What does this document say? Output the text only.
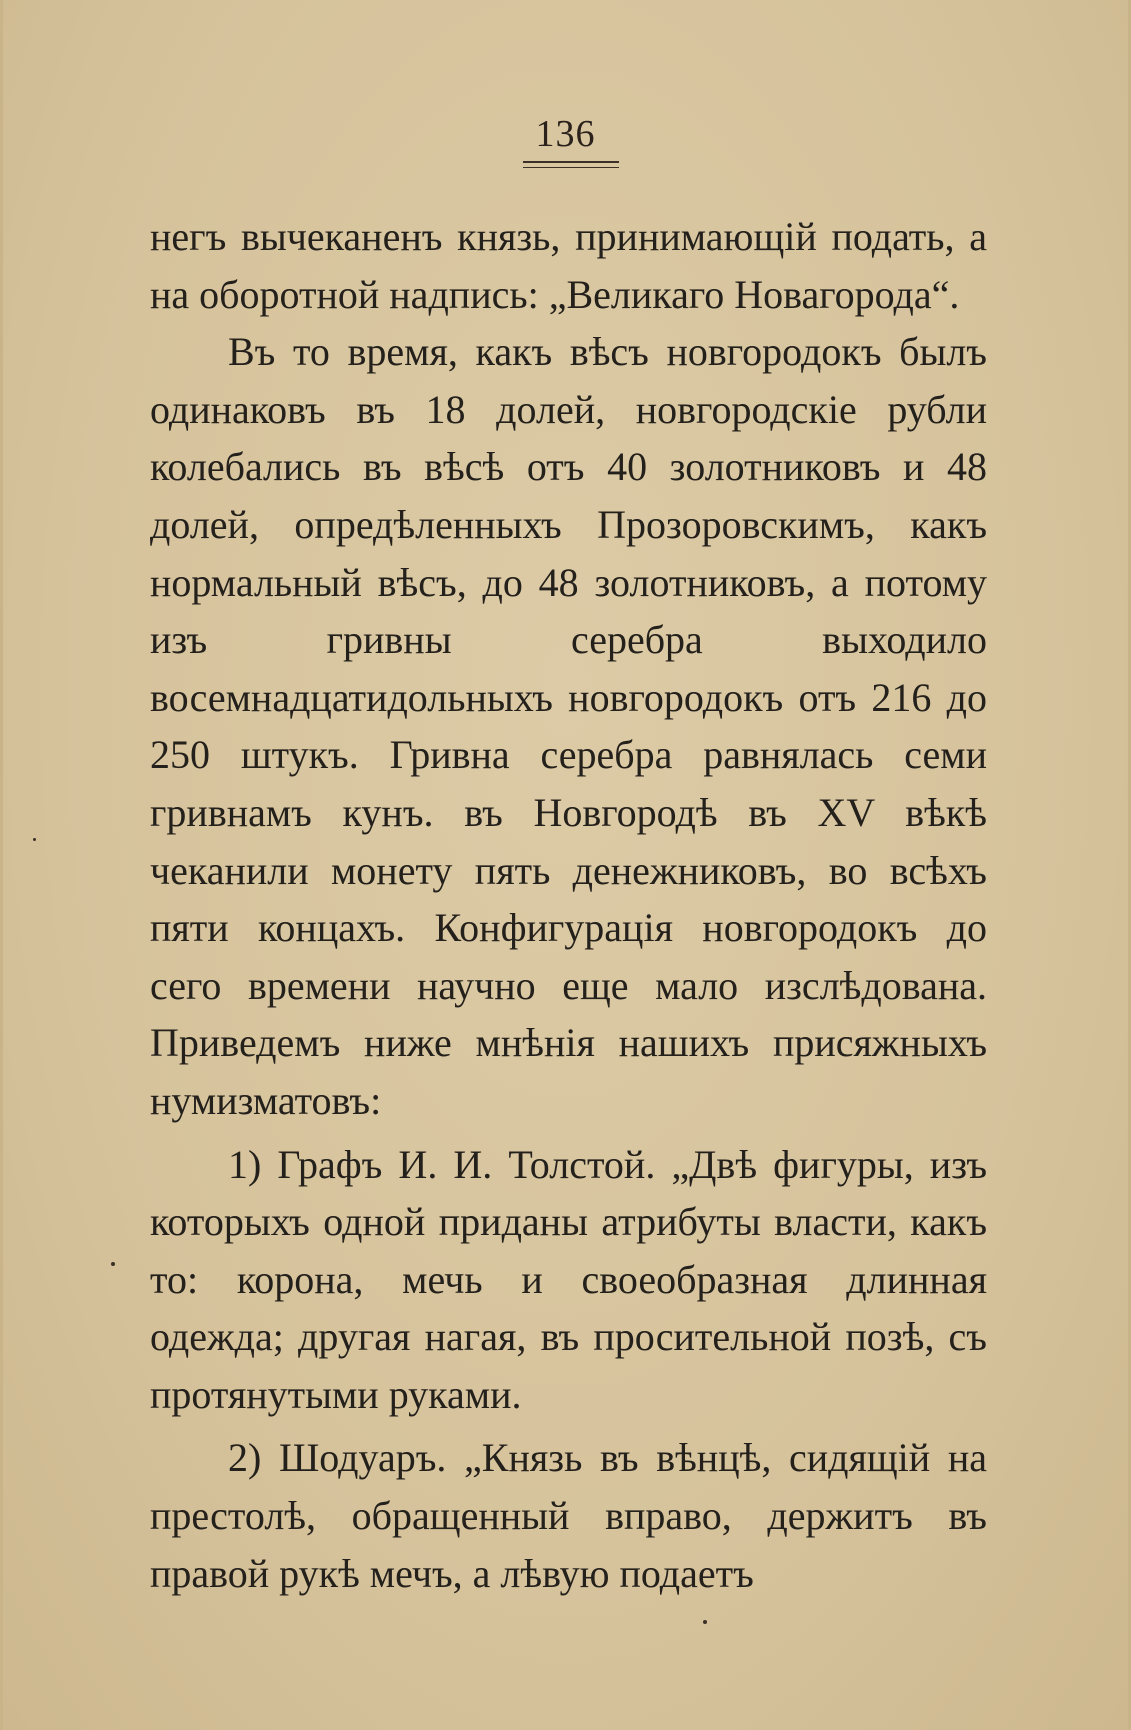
136

негъ вычеканенъ князь, принимающій подать, а на оборотной надпись: „Великаго Новагорода“.

Въ то время, какъ вѣсъ новгородокъ былъ одинаковъ въ 18 долей, новгородскіе рубли колебались въ вѣсѣ отъ 40 золотниковъ и 48 долей, опредѣленныхъ Прозоровскимъ, какъ нормальный вѣсъ, до 48 золотниковъ, а потому изъ гривны серебра выходило восемнадцатидольныхъ новгородокъ отъ 216 до 250 штукъ. Гривна серебра равнялась семи гривнамъ кунъ. въ Новгородѣ въ XV вѣкѣ чеканили монету пять денежниковъ, во всѣхъ пяти концахъ. Конфигурація новгородокъ до сего времени научно еще мало изслѣдована. Приведемъ ниже мнѣнія нашихъ присяжныхъ нумизматовъ:

1) Графъ И. И. Толстой. „Двѣ фигуры, изъ которыхъ одной приданы атрибуты власти, какъ то: корона, мечь и своеобразная длинная одежда; другая нагая, въ просительной позѣ, съ протянутыми руками.

2) Шодуаръ. „Князь въ вѣнцѣ, сидящій на престолѣ, обращенный вправо, держитъ въ правой рукѣ мечъ, а лѣвую подаетъ
